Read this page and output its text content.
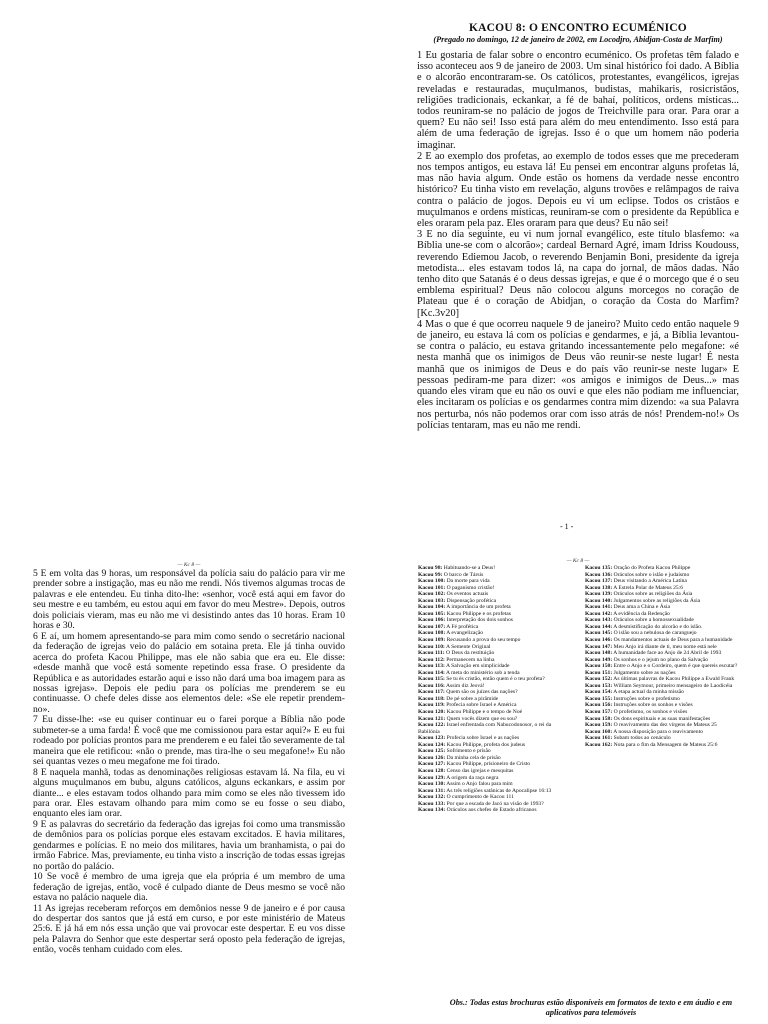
KACOU 8: O ENCONTRO ECUMÉNICO
(Pregado no domingo, 12 de janeiro de 2002, em Locodjro, Abidjan-Costa de Marfim)

1 Eu gostaria de falar sobre o encontro ecuménico. Os profetas têm falado e isso aconteceu aos 9 de janeiro de 2003. Um sinal histórico foi dado. A Bíblia e o alcorão encontraram-se. Os católicos, protestantes, evangélicos, igrejas reveladas e restauradas, muçulmanos, budistas, mahikaris, rosicristãos, religiões tradicionais, eckankar, a fé de bahaí, políticos, ordens místicas... todos reuniram-se no palácio de jogos de Treichville para orar. Para orar a quem? Eu não sei! Isso está para além do meu entendimento. Isso está para além de uma federação de igrejas. Isso é o que um homem não poderia imaginar.

2 E ao exemplo dos profetas, ao exemplo de todos esses que me precederam nos tempos antigos, eu estava lá! Eu pensei em encontrar alguns profetas lá, mas não havia algum. Onde estão os homens da verdade nesse encontro histórico? Eu tinha visto em revelação, alguns trovões e relâmpagos de raiva contra o palácio de jogos. Depois eu vi um eclipse. Todos os cristãos e muçulmanos e ordens místicas, reuniram-se com o presidente da República e eles oraram pela paz. Eles oraram para que deus? Eu não sei!

3 E no dia seguinte, eu vi num jornal evangélico, este título blasfemo: «a Bíblia une-se com o alcorão»; cardeal Bernard Agré, imam Idriss Koudouss, reverendo Ediemou Jacob, o reverendo Benjamin Boni, presidente da igreja metodista... eles estavam todos lá, na capa do jornal, de mãos dadas. Não tenho dito que Satanás é o deus dessas igrejas, e que é o morcego que é o seu emblema espiritual? Deus não colocou alguns morcegos no coração de Plateau que é o coração de Abidjan, o coração da Costa do Marfim? [Kc.3v20]

4 Mas o que é que ocorreu naquele 9 de janeiro? Muito cedo então naquele 9 de janeiro, eu estava lá com os polícias e gendarmes, e já, a Bíblia levantou-se contra o palácio, eu estava gritando incessantemente pelo megafone: «é nesta manhã que os inimigos de Deus vão reunir-se neste lugar! É nesta manhã que os inimigos de Deus e do país vão reunir-se neste lugar» E pessoas pediram-me para dizer: «os amigos e inimigos de Deus...» mas quando eles viram que eu não os ouvi e que eles não podiam me influenciar, eles incitaram os polícias e os gendarmes contra mim dizendo: «a sua Palavra nos perturba, nós não podemos orar com isso atrás de nós! Prendem-no!» Os polícias tentaram, mas eu não me rendi.

- 1 -
— Kc 8 —

5 E em volta das 9 horas, um responsável da polícia saiu do palácio para vir me prender sobre a instigação, mas eu não me rendi. Nós tivemos algumas trocas de palavras e ele entendeu. Eu tinha dito-lhe: «senhor, você está aqui em favor do seu mestre e eu também, eu estou aqui em favor do meu Mestre». Depois, outros dois policiais vieram, mas eu não me vi desistindo antes das 10 horas. Eram 10 horas e 30.

6 E aí, um homem apresentando-se para mim como sendo o secretário nacional da federação de igrejas veio do palácio em sotaina preta. Ele já tinha ouvido acerca do profeta Kacou Philippe, mas ele não sabia que era eu. Ele disse: «desde manhã que você está somente repetindo essa frase. O presidente da República e as autoridades estarão aqui e isso não dará uma boa imagem para as nossas igrejas». Depois ele pediu para os polícias me prenderem se eu continuasse. O chefe deles disse aos elementos dele: «Se ele repetir prendem-no».

7 Eu disse-lhe: «se eu quiser continuar eu o farei porque a Bíblia não pode submeter-se a uma farda! É você que me comissionou para estar aqui?» E eu fui rodeado por polícias prontos para me prenderem e eu falei tão severamente de tal maneira que ele retificou: «não o prende, mas tira-lhe o seu megafone!» Eu não sei quantas vezes o meu megafone me foi tirado.

8 E naquela manhã, todas as denominações religiosas estavam lá. Na fila, eu vi alguns muçulmanos em bubu, alguns católicos, alguns eckankars, e assim por diante... e eles estavam todos olhando para mim como se eles não tivessem ido para orar. Eles estavam olhando para mim como se eu fosse o seu diabo, enquanto eles iam orar.

9 E as palavras do secretário da federação das igrejas foi como uma transmissão de demônios para os polícias porque eles estavam excitados. E havia militares, gendarmes e polícias. E no meio dos militares, havia um branhamista, o pai do irmão Fabrice. Mas, previamente, eu tinha visto a inscrição de todas essas igrejas no portão do palácio.

10 Se você é membro de uma igreja que ela própria é um membro de uma federação de igrejas, então, você é culpado diante de Deus mesmo se você não estava no palácio naquele dia.

11 As igrejas receberam reforços em demônios nesse 9 de janeiro e é por causa do despertar dos santos que já está em curso, e por este ministério de Mateus 25:6. E já há em nós essa unção que vai provocar este despertar. E eu vos disse pela Palavra do Senhor que este despertar será oposto pela federação de igrejas, então, vocês tenham cuidado com eles.

— Kc 8 —

Kacou 98: Habituando-se a Deus!

Kacou 99: O barco de Társis

Kacou 100: Da morte para vida

Kacou 101: O paganismo cristão!

Kacou 102: Os eventos actuais

Kacou 103: Dispensação profética

Kacou 104: A importância de um profeta

Kacou 105: Kacou Philippe e os profetas

Kacou 106: Interpretação dos dois sonhos

Kacou 107: A Fé profética

Kacou 108: A evangelização

Kacou 109: Recusando a prova do seu tempo

Kacou 110: A Semente Original

Kacou 111: O Deus da restituição

Kacou 112: Permanecem na linha

Kacou 113: A Salvação em simplicidade

Kacou 114: A meta do ministério sob a tenda

Kacou 115: Se tu és cristão, então quem é o teu profeta?

Kacou 116: Assim diz Jeová!

Kacou 117: Quem são os juízes das nações?

Kacou 118: De pé sobre a pirâmide

Kacou 119: Profecia sobre Israel e América

Kacou 120: Kacou Philippe e o tempo de Noé

Kacou 121: Quem vocês dizem que eu sou?

Kacou 122: Israel enfrentada com Nabucodonosor, o rei da Babilónia

Kacou 123: Profecia sobre Israel e as nações

Kacou 124: Kacou Philippe, profeta dos judeus

Kacou 125: Sofrimento e prisão

Kacou 126: Da minha cela de prisão

Kacou 127: Kacou Philippe, prisioneiro de Cristo

Kacou 128: Censo das igrejas e mesquitas

Kacou 129: A origem da raça negra

Kacou 130: Assim o Anjo falou para mim

Kacou 131: As três religiões satânicas de Apocalipse 16:13

Kacou 132: O cumprimento de Kacou 111

Kacou 133: Por que a escada de Jacó na visão de 1993?

Kacou 134: Oráculos aos chefes de Estado africanos

Kacou 135: Oração do Profeta Kacou Philippe

Kacou 136: Oráculos sobre o islão e judaísmo

Kacou 137: Deus visitando a América Latina

Kacou 138: A Estrela Polar de Mateus 25:6

Kacou 139: Oráculos sobre as religiões da Ásia

Kacou 140: Julgamentos sobre as religiões da Ásia

Kacou 141: Deus ama a China e Ásia

Kacou 142: A evidência da Redenção

Kacou 143: Oráculos sobre a homossexualidade

Kacou 144: A desmistificação do alcorão e do islão.

Kacou 145: O islão sou a nebulosa de caranguejo

Kacou 146: Os mandamentos actuais de Deus para a humanidade

Kacou 147: Meu Anjo irá diante de ti, meu nome está nele

Kacou 148: A humanidade face ao Anjo de 24 Abril de 1993

Kacou 149: Os sonhos e o jejum no plano da Salvação

Kacou 150: Entre o Anjo e o Cordeiro, quem é que quereis escutar?

Kacou 151: Julgamento sobre as nações

Kacou 152: As últimas palavras de Kacou Philippe a Ewald Frank

Kacou 153: William Seymour, primeiro mensageiro de Laodicéia

Kacou 154: A etapa actual da minha missão

Kacou 155: Instruções sobre o profetismo

Kacou 156: Instruções sobre os sonhos e visões

Kacou 157: O profetismo, os sonhos e visões

Kacou 158: Os dons espirituais e as suas manifestações

Kacou 159: O reavivamento das dez virgens de Mateus 25

Kacou 160: A nossa disposição para o reavivamento

Kacou 161: Subam todos ao cenáculo

Kacou 162: Nota para o fim da Mensagem de Mateus 25:6

Obs.: Todas estas brochuras estão disponíveis em formatos de texto e em áudio e em aplicativos para telemóveis
